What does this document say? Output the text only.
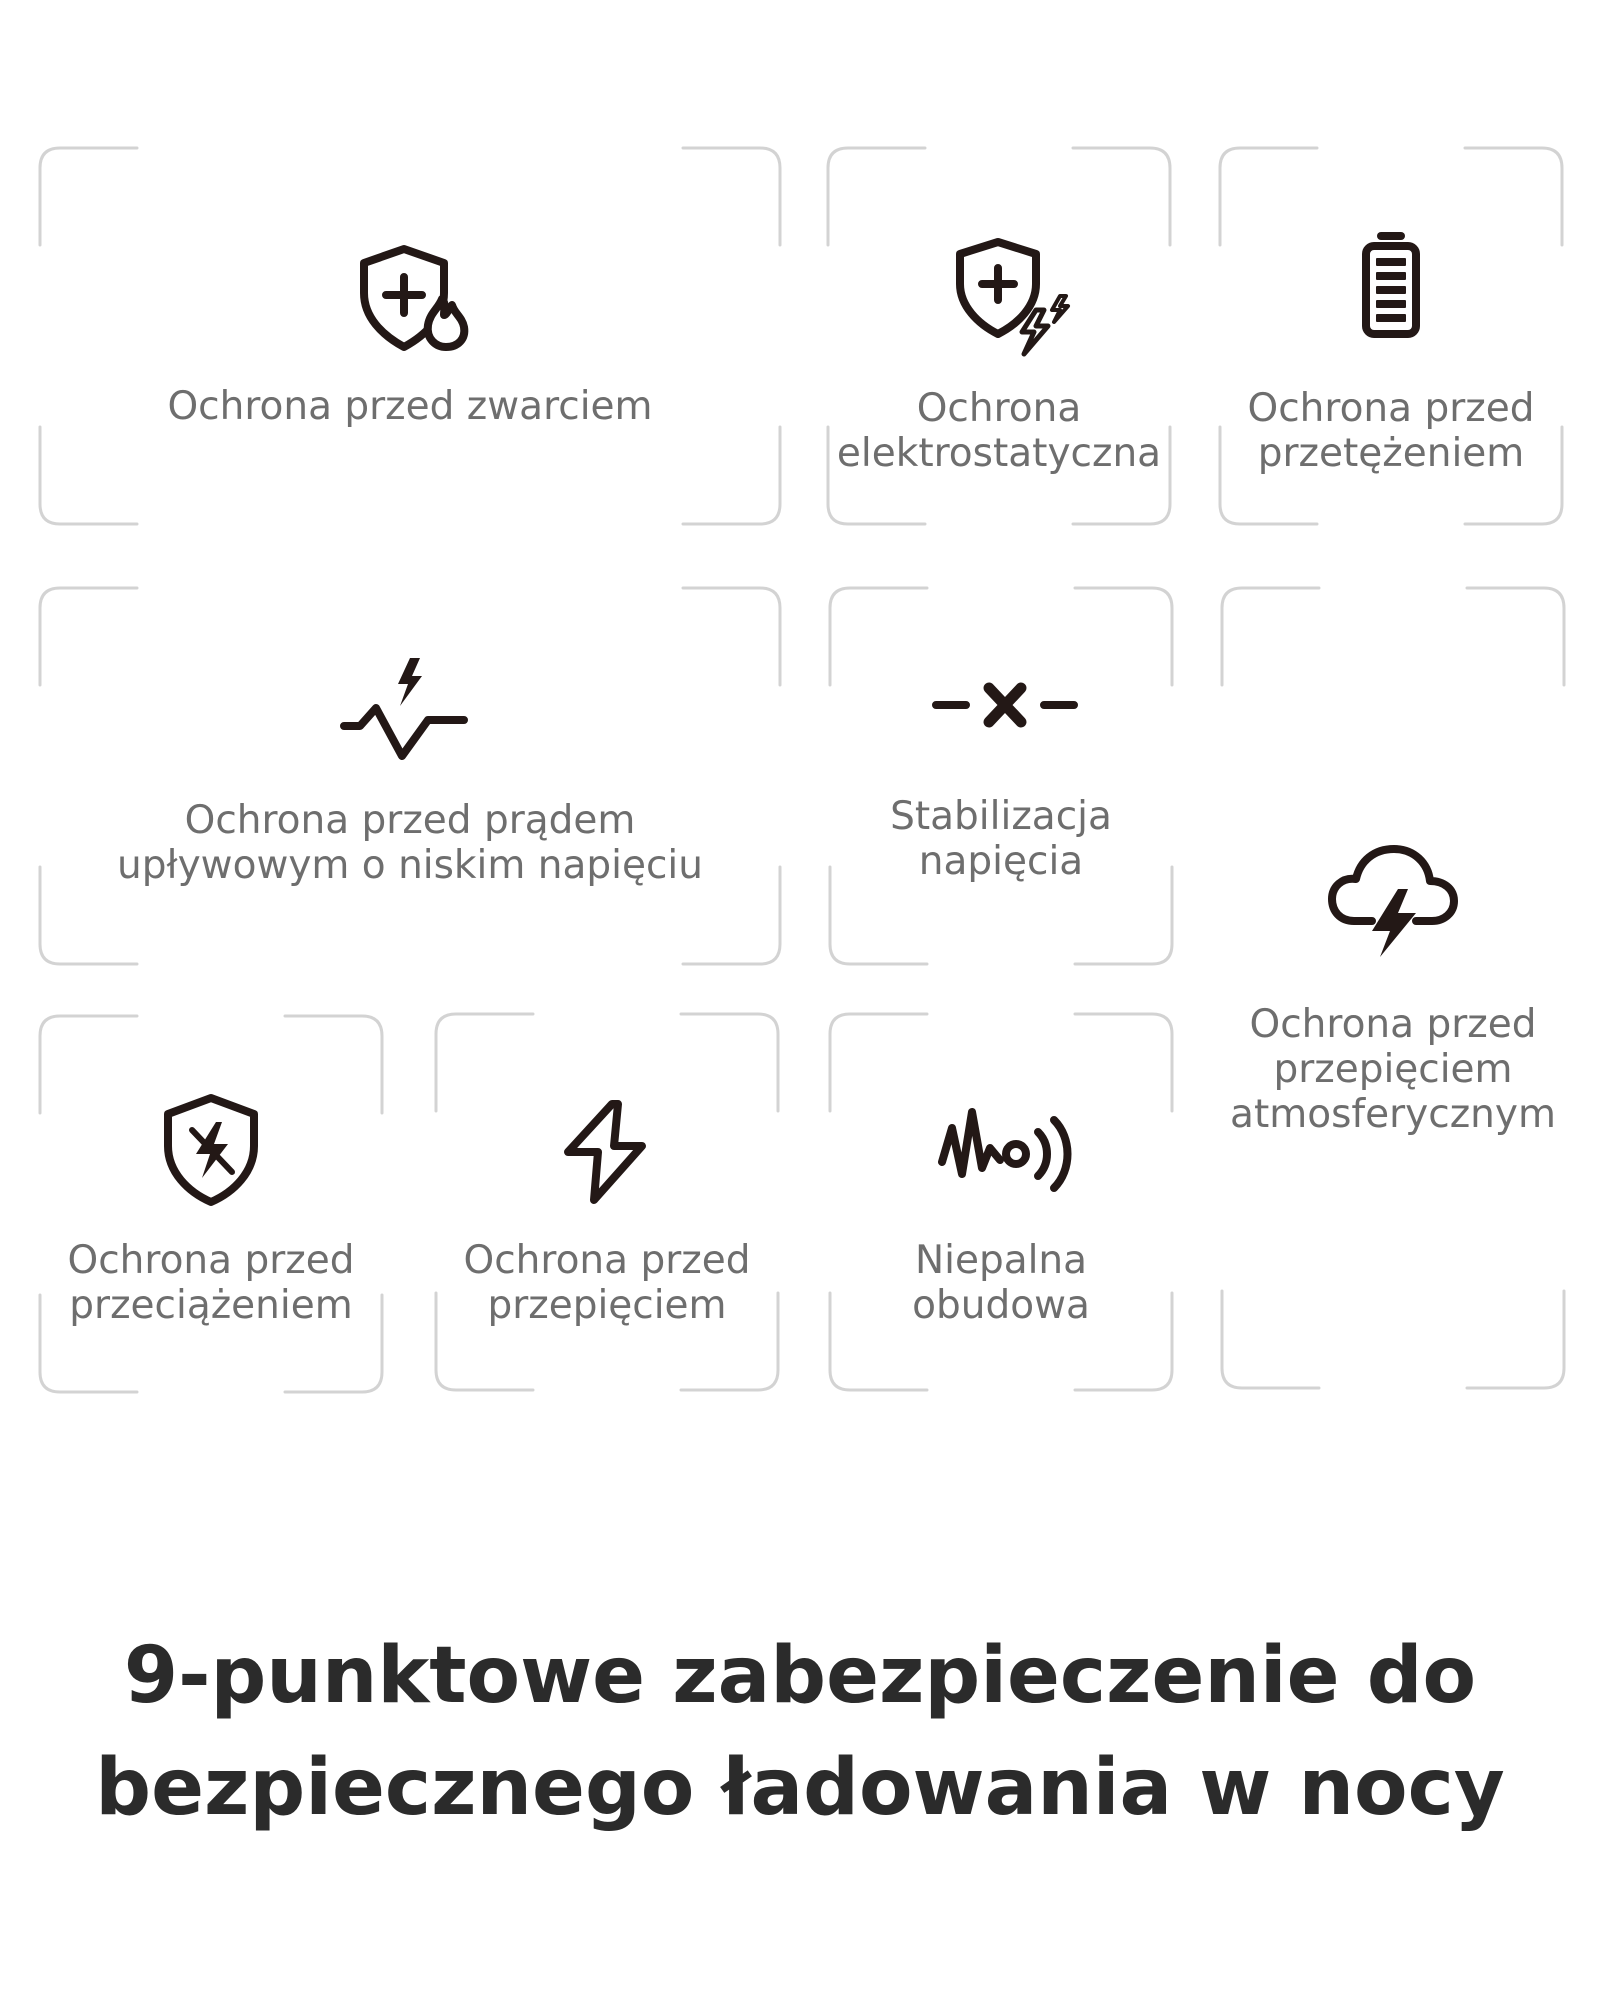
Ochrona przed zwarciem	Ochrona
elektrostatyczna
Ochrona przed
przetężeniem
Ochrona przed prądem
upływowym o niskim napięciu
Stabilizacja
napięcia
Ochrona przed
przepięciem
atmosferycznym
Ochrona przed
przeciążeniem
Ochrona przed
przepięciem
Niepalna
obudowa
9-punktowe zabezpieczenie do
bezpiecznego ładowania w nocy
